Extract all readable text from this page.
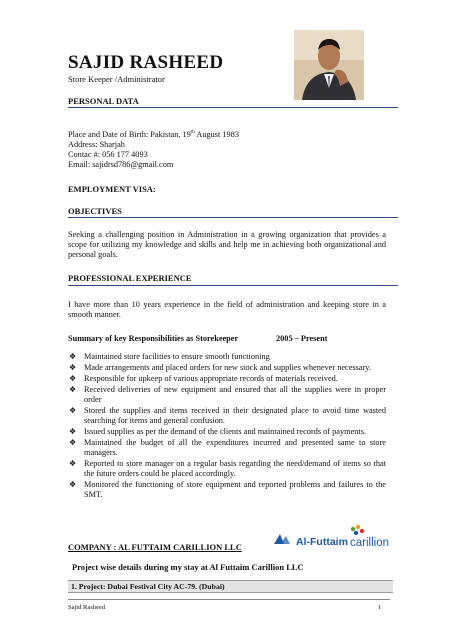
SAJID RASHEED
Store Keeper /Administrator
PERSONAL DATA
Place and Date of Birth: Pakistan, 19th August 1983
Address: Sharjah
Contac #: 056 177 4093
Email: sajidrsd786@gmail.com
EMPLOYMENT VISA:
OBJECTIVES
Seeking a challenging position in Administration in a growing organization that provides a scope for utilizing my knowledge and skills and help me in achieving both organizational and personal goals.
PROFESSIONAL EXPERIENCE
I have more than 10 years experience in the field of administration and keeping store in a smooth manner.
Summary of key Responsibilities as Storekeeper	2005 – Present
❖ Maintained store facilities to ensure smooth functioning
❖ Made arrangements and placed orders for new stock and supplies whenever necessary.
❖ Responsible for upkeep of various appropriate records of materials received.
❖ Received deliveries of new equipment and ensured that all the supplies were in proper order
❖ Stored the supplies and items received in their designated place to avoid time wasted searching for items and general confusion.
❖ Issued supplies as per the demand of the clients and maintained records of payments.
❖ Maintained the budget of all the expenditures incurred and presented same to store managers.
❖ Reported to store manager on a regular basis regarding the need/demand of items so that the future orders could be placed accordingly.
❖ Monitored the functioning of store equipment and reported problems and failures to the SMT.
COMPANY : AL FUTTAIM CARILLION LLC	Al-Futtaim carillion
Project wise details during my stay at Al Futtaim Carillion LLC
1. Project: Dubai Festival City AC-79. (Dubai)
Sajid Rasheed	1
